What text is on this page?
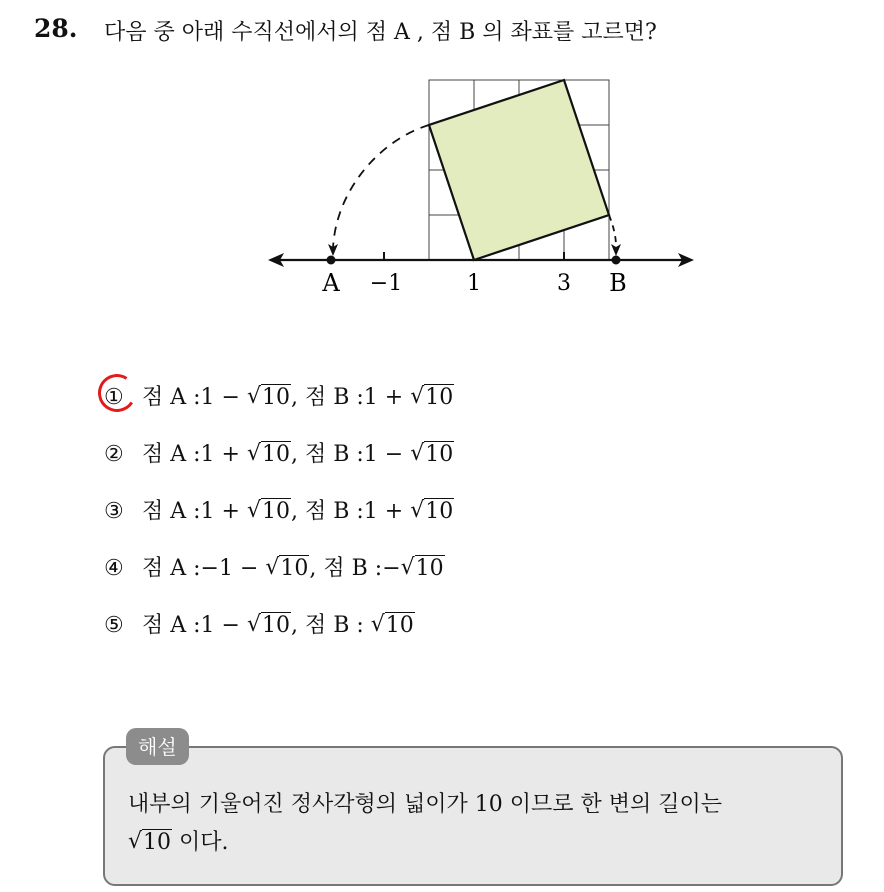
28. 다음 중 아래 수직선에서의 점 A , 점 B 의 좌표를 고르면?
A −1	1	3 B
① 점 A :1 − √ 10, 점 B :1 + √ 10
② 점 A :1 + √ 10, 점 B :1 − √ 10
③ 점 A :1 + √ 10, 점 B :1 + √ 10
④ 점 A :−1 − √ 10, 점 B :− √ 10
⑤ 점 A :1 − √ 10, 점 B : √ 10
해설
내부의 기울어진 정사각형의 넓이가 10 이므로 한 변의 길이는
√ 10 이다.
